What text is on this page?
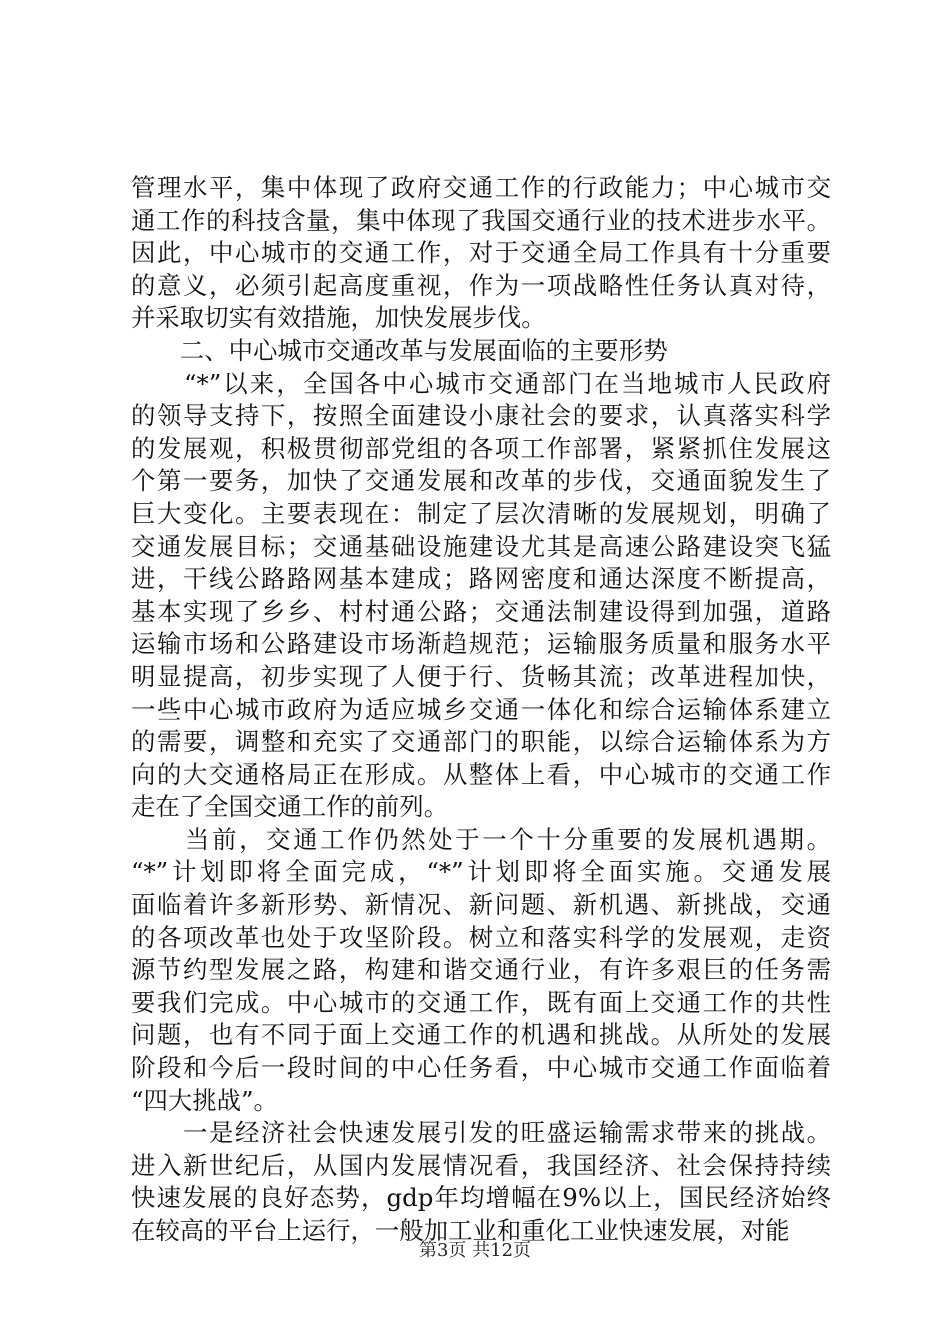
管理水平，集中体现了政府交通工作的行政能力；中心城市交
通工作的科技含量，集中体现了我国交通行业的技术进步水平。
因此，中心城市的交通工作，对于交通全局工作具有十分重要
的意义，必须引起高度重视，作为一项战略性任务认真对待，
并采取切实有效措施，加快发展步伐。
　　二、中心城市交通改革与发展面临的主要形势
　　“*”以来，全国各中心城市交通部门在当地城市人民政府
的领导支持下，按照全面建设小康社会的要求，认真落实科学
的发展观，积极贯彻部党组的各项工作部署，紧紧抓住发展这
个第一要务，加快了交通发展和改革的步伐，交通面貌发生了
巨大变化。主要表现在：制定了层次清晰的发展规划，明确了
交通发展目标；交通基础设施建设尤其是高速公路建设突飞猛
进，干线公路路网基本建成；路网密度和通达深度不断提高，
基本实现了乡乡、村村通公路；交通法制建设得到加强，道路
运输市场和公路建设市场渐趋规范；运输服务质量和服务水平
明显提高，初步实现了人便于行、货畅其流；改革进程加快，
一些中心城市政府为适应城乡交通一体化和综合运输体系建立
的需要，调整和充实了交通部门的职能，以综合运输体系为方
向的大交通格局正在形成。从整体上看，中心城市的交通工作
走在了全国交通工作的前列。
　　当前，交通工作仍然处于一个十分重要的发展机遇期。
“*”计划即将全面完成，“*”计划即将全面实施。交通发展
面临着许多新形势、新情况、新问题、新机遇、新挑战，交通
的各项改革也处于攻坚阶段。树立和落实科学的发展观，走资
源节约型发展之路，构建和谐交通行业，有许多艰巨的任务需
要我们完成。中心城市的交通工作，既有面上交通工作的共性
问题，也有不同于面上交通工作的机遇和挑战。从所处的发展
阶段和今后一段时间的中心任务看，中心城市交通工作面临着
“四大挑战”。
　　一是经济社会快速发展引发的旺盛运输需求带来的挑战。
进入新世纪后，从国内发展情况看，我国经济、社会保持持续
快速发展的良好态势，gdp年均增幅在9%以上，国民经济始终
在较高的平台上运行，一般加工业和重化工业快速发展，对能
第3页 共12页
